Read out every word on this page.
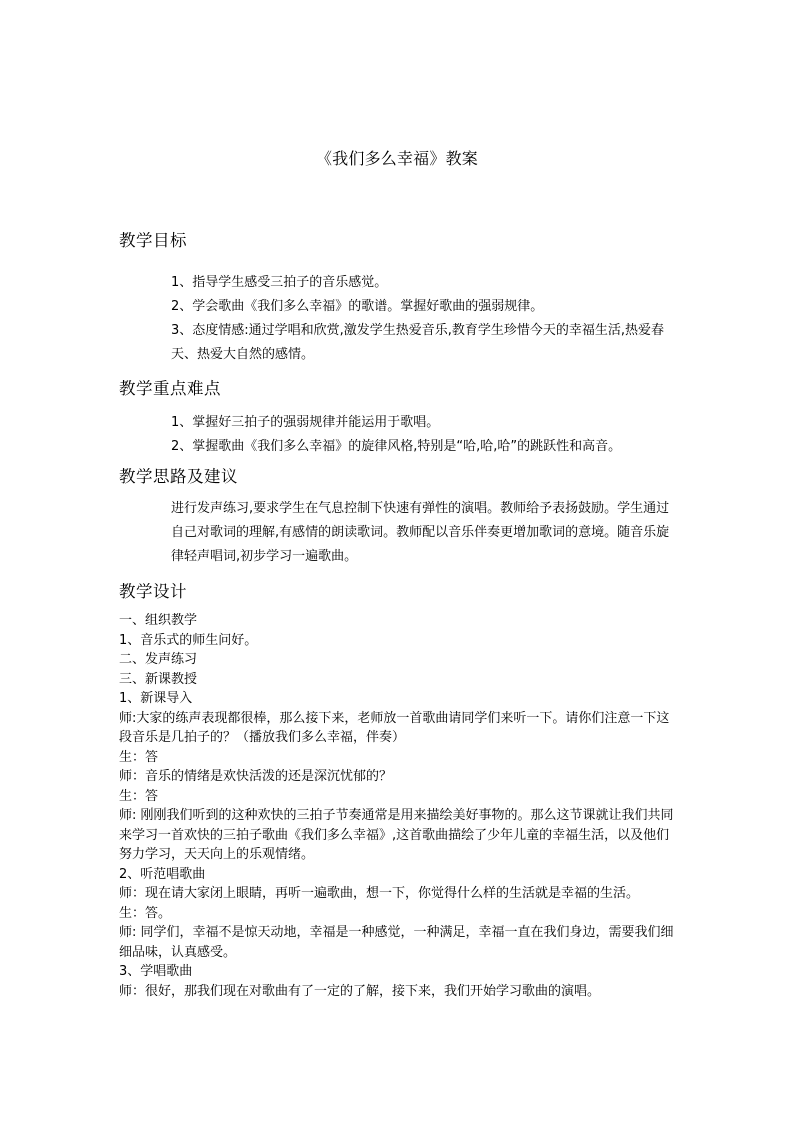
《我们多么幸福》教案
教学目标

1、指导学生感受三拍子的音乐感觉。

2、学会歌曲《我们多么幸福》的歌谱。掌握好歌曲的强弱规律。

3、态度情感:通过学唱和欣赏,激发学生热爱音乐,教育学生珍惜今天的幸福生活,热爱春天、热爱大自然的感情。

教学重点难点

1、掌握好三拍子的强弱规律并能运用于歌唱。

2、掌握歌曲《我们多么幸福》的旋律风格,特别是“哈,哈,哈”的跳跃性和高音。

教学思路及建议

进行发声练习,要求学生在气息控制下快速有弹性的演唱。教师给予表扬鼓励。学生通过自己对歌词的理解,有感情的朗读歌词。教师配以音乐伴奏更增加歌词的意境。随音乐旋律轻声唱词,初步学习一遍歌曲。

教学设计

一、组织教学

1、音乐式的师生问好。

二、发声练习

三、新课教授

1、新课导入

师:大家的练声表现都很棒，那么接下来，老师放一首歌曲请同学们来听一下。请你们注意一下这段音乐是几拍子的？（播放我们多么幸福，伴奏）

生：答

师：音乐的情绪是欢快活泼的还是深沉忧郁的？

生：答

师: 刚刚我们听到的这种欢快的三拍子节奏通常是用来描绘美好事物的。那么这节课就让我们共同来学习一首欢快的三拍子歌曲《我们多么幸福》,这首歌曲描绘了少年儿童的幸福生活，以及他们努力学习，天天向上的乐观情绪。

2、听范唱歌曲

师：现在请大家闭上眼睛，再听一遍歌曲，想一下，你觉得什么样的生活就是幸福的生活。

生：答。

师: 同学们，幸福不是惊天动地，幸福是一种感觉，一种满足，幸福一直在我们身边，需要我们细细品味，认真感受。

3、学唱歌曲

师：很好，那我们现在对歌曲有了一定的了解，接下来，我们开始学习歌曲的演唱。
